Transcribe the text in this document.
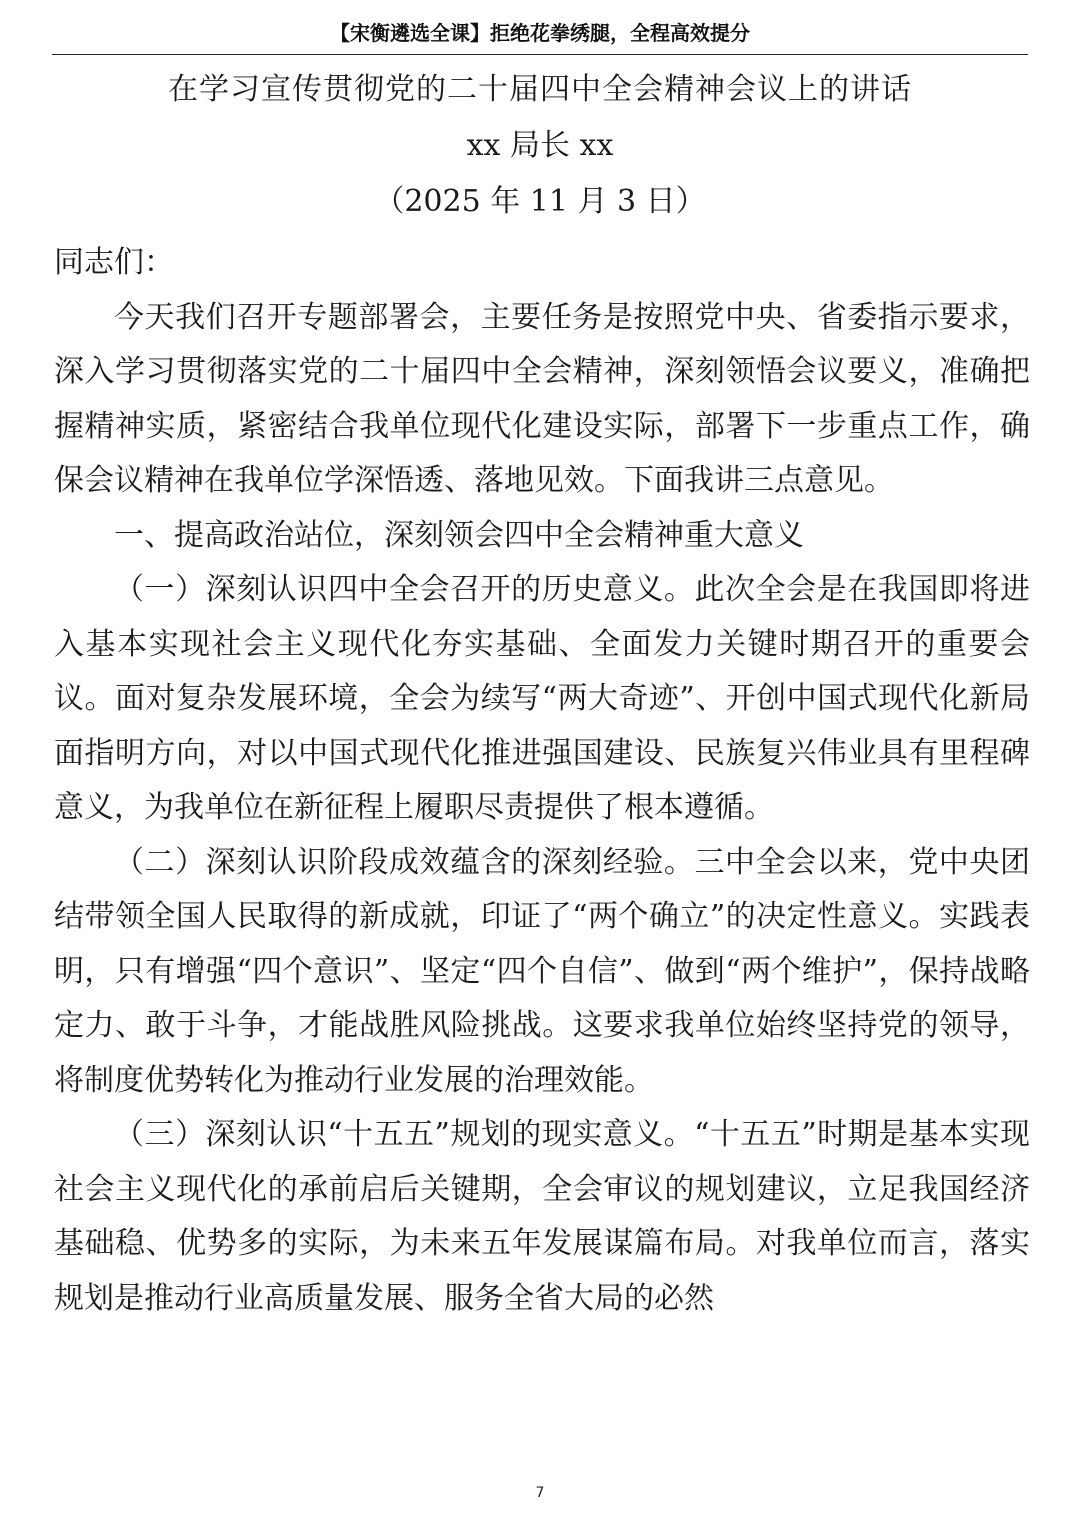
【宋衡遴选全课】拒绝花拳绣腿，全程高效提分
在学习宣传贯彻党的二十届四中全会精神会议上的讲话
xx 局长 xx
（2025 年 11 月 3 日）

同志们：

今天我们召开专题部署会，主要任务是按照党中央、省委指示要求，深入学习贯彻落实党的二十届四中全会精神，深刻领悟会议要义，准确把握精神实质，紧密结合我单位现代化建设实际，部署下一步重点工作，确保会议精神在我单位学深悟透、落地见效。下面我讲三点意见。

一、提高政治站位，深刻领会四中全会精神重大意义

（一）深刻认识四中全会召开的历史意义。此次全会是在我国即将进入基本实现社会主义现代化夯实基础、全面发力关键时期召开的重要会议。面对复杂发展环境，全会为续写“两大奇迹”、开创中国式现代化新局面指明方向，对以中国式现代化推进强国建设、民族复兴伟业具有里程碑意义，为我单位在新征程上履职尽责提供了根本遵循。

（二）深刻认识阶段成效蕴含的深刻经验。三中全会以来，党中央团结带领全国人民取得的新成就，印证了“两个确立”的决定性意义。实践表明，只有增强“四个意识”、坚定“四个自信”、做到“两个维护”，保持战略定力、敢于斗争，才能战胜风险挑战。这要求我单位始终坚持党的领导，将制度优势转化为推动行业发展的治理效能。

（三）深刻认识“十五五”规划的现实意义。“十五五”时期是基本实现社会主义现代化的承前启后关键期，全会审议的规划建议，立足我国经济基础稳、优势多的实际，为未来五年发展谋篇布局。对我单位而言，落实规划是推动行业高质量发展、服务全省大局的必然

7
